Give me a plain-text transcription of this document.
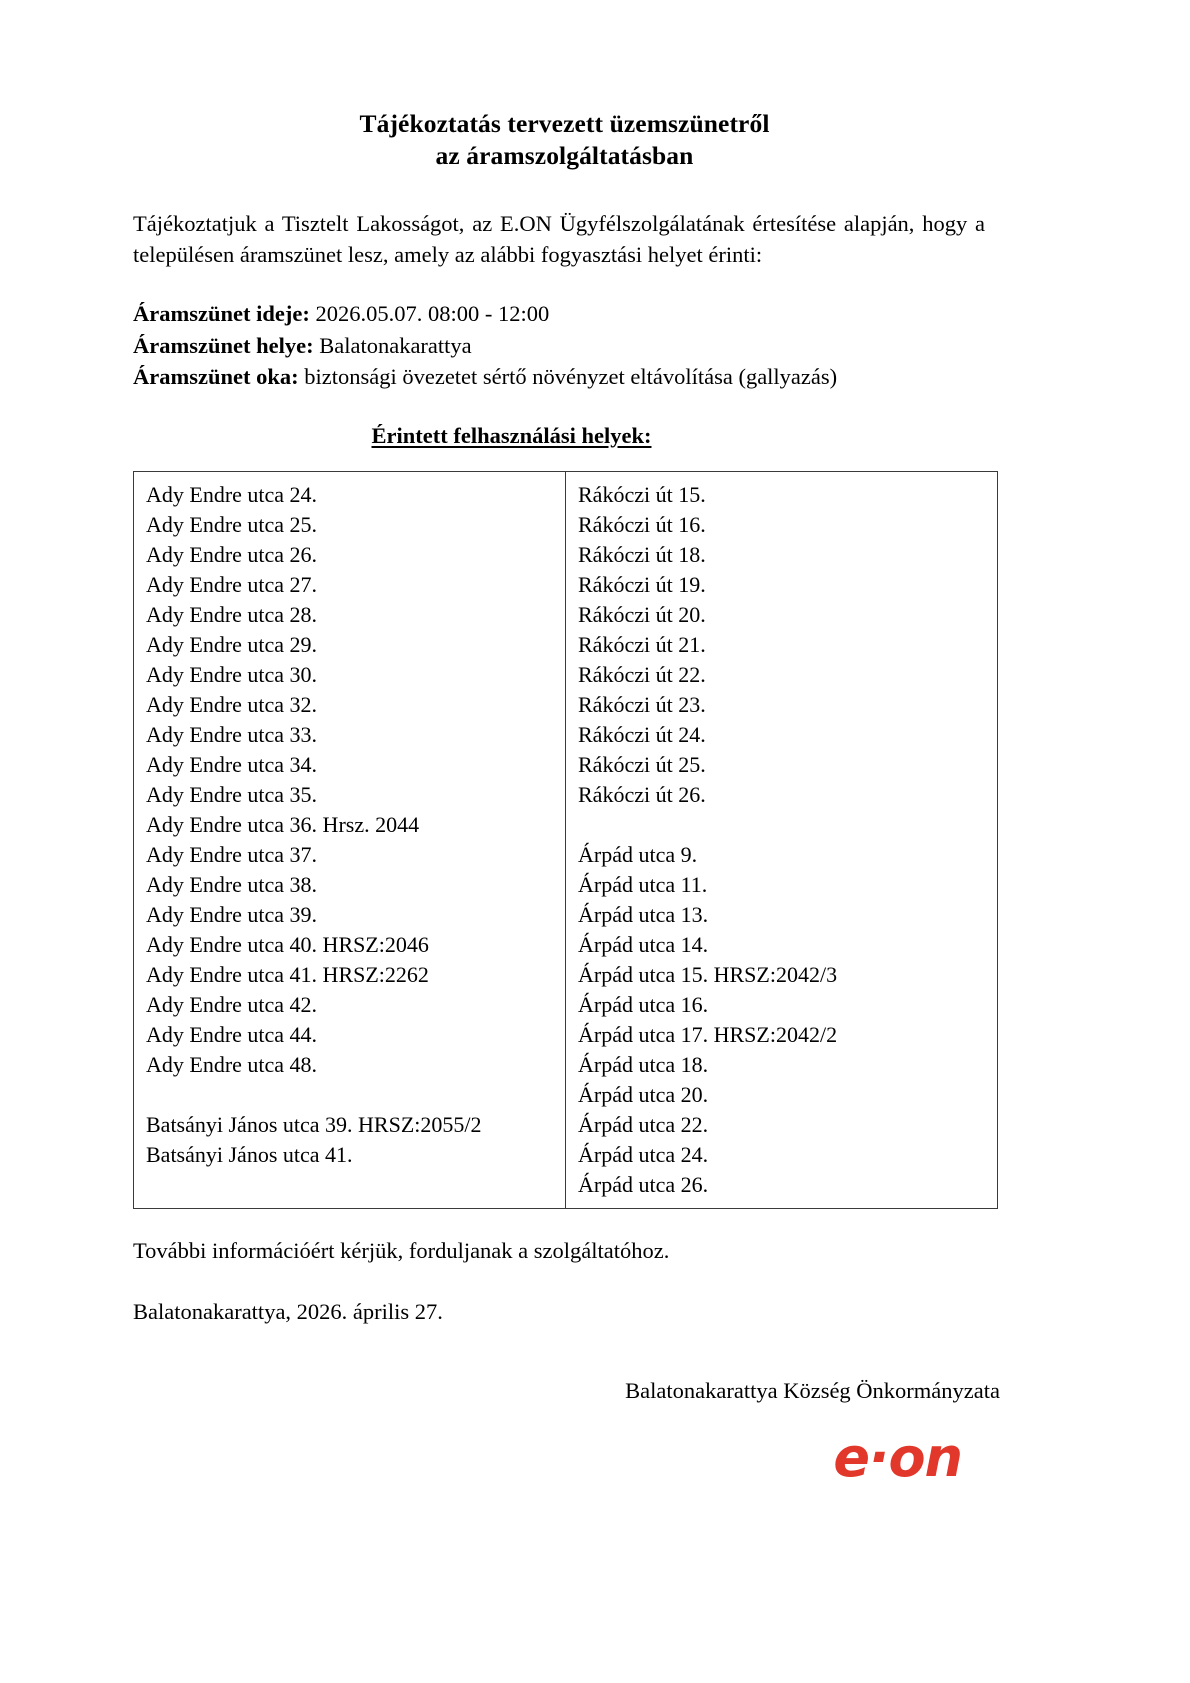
Tájékoztatás tervezett üzemszünetről
az áramszolgáltatásban

Tájékoztatjuk a Tisztelt Lakosságot, az E.ON Ügyfélszolgálatának értesítése alapján, hogy a településen áramszünet lesz, amely az alábbi fogyasztási helyet érinti:

Áramszünet ideje: 2026.05.07. 08:00 - 12:00
Áramszünet helye: Balatonakarattya
Áramszünet oka: biztonsági övezetet sértő növényzet eltávolítása (gallyazás)
Érintett felhasználási helyek:
Ady Endre utca 24.
Ady Endre utca 25.
Ady Endre utca 26.
Ady Endre utca 27.
Ady Endre utca 28.
Ady Endre utca 29.
Ady Endre utca 30.
Ady Endre utca 32.
Ady Endre utca 33.
Ady Endre utca 34.
Ady Endre utca 35.
Ady Endre utca 36. Hrsz. 2044
Ady Endre utca 37.
Ady Endre utca 38.
Ady Endre utca 39.
Ady Endre utca 40. HRSZ:2046
Ady Endre utca 41. HRSZ:2262
Ady Endre utca 42.
Ady Endre utca 44.
Ady Endre utca 48.

Batsányi János utca 39. HRSZ:2055/2
Batsányi János utca 41.

Rákóczi út 15.
Rákóczi út 16.
Rákóczi út 18.
Rákóczi út 19.
Rákóczi út 20.
Rákóczi út 21.
Rákóczi út 22.
Rákóczi út 23.
Rákóczi út 24.
Rákóczi út 25.
Rákóczi út 26.

Árpád utca 9.
Árpád utca 11.
Árpád utca 13.
Árpád utca 14.
Árpád utca 15. HRSZ:2042/3
Árpád utca 16.
Árpád utca 17. HRSZ:2042/2
Árpád utca 18.
Árpád utca 20.
Árpád utca 22.
Árpád utca 24.
Árpád utca 26.

További információért kérjük, forduljanak a szolgáltatóhoz.

Balatonakarattya, 2026. április 27.

Balatonakarattya Község Önkormányzata

e·on
